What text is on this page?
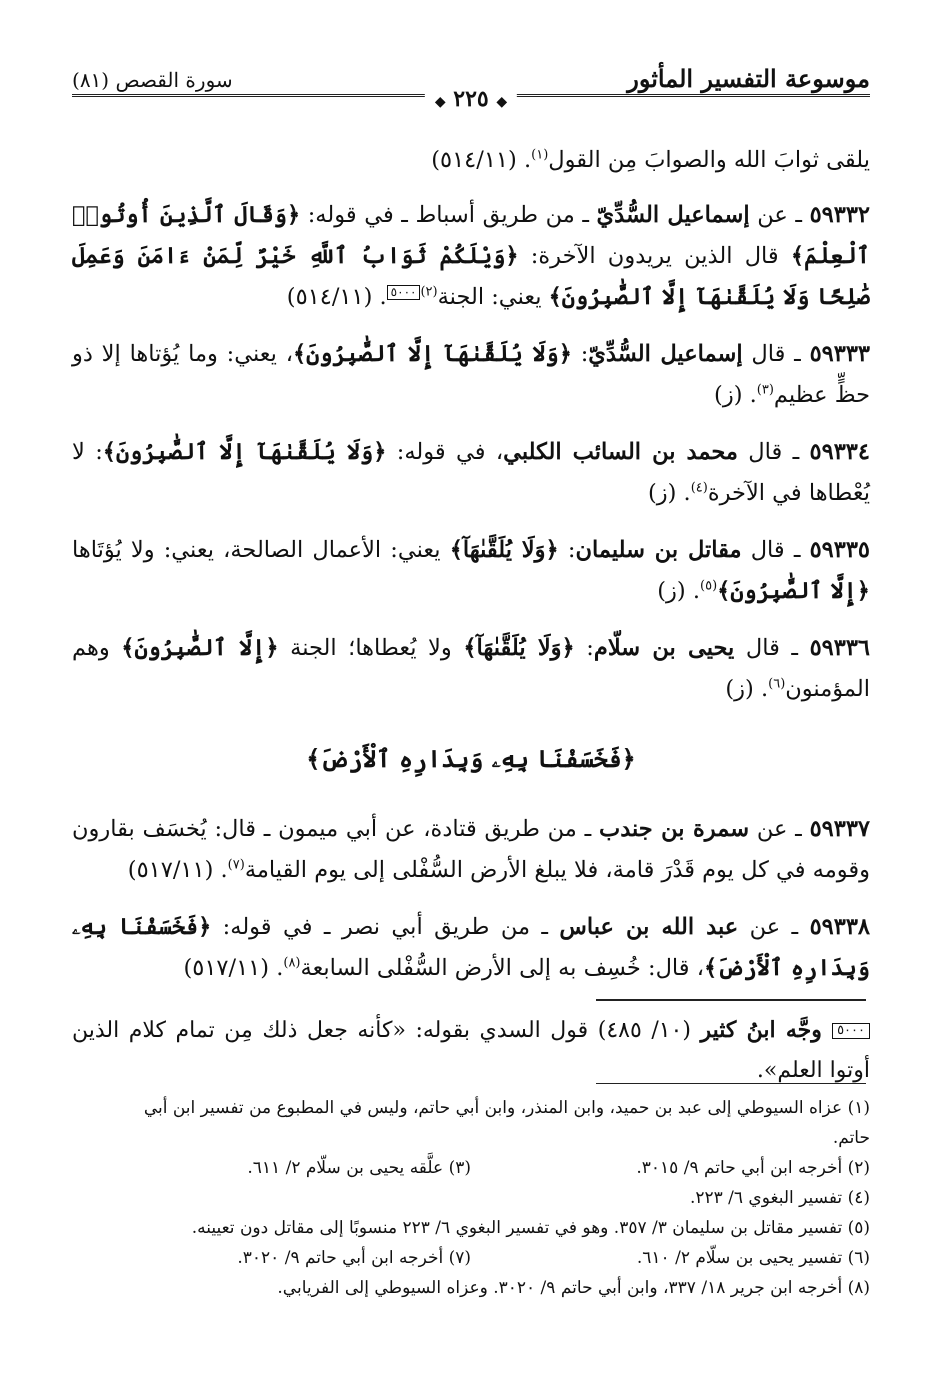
موسوعة التفسير المأثور
سورة القصص (٨١)
◆ ٢٢٥ ◆

يلقى ثوابَ الله والصوابَ مِن القول$^{(١)}$. (٥١٤/١١)

٥٩٣٣٢ ـ عن إسماعيل السُّدِّيّ ـ من طريق أسباط ـ في قوله: ﴿وَقَالَ ٱلَّذِينَ أُوتُوا۟ ٱلْعِلْمَ﴾ قال الذين يريدون الآخرة: ﴿وَيْلَكُمْ ثَوَابُ ٱللَّهِ خَيْرٌ لِّمَنْ ءَامَنَ وَعَمِلَ صَٰلِحًا وَلَا يُلَقَّىٰهَآ إِلَّا ٱلصَّٰبِرُونَ﴾ يعني: الجنة$^{(٢)}$٥٠٠٠. (٥١٤/١١)

٥٩٣٣٣ ـ قال إسماعيل السُّدِّيّ: ﴿وَلَا يُلَقَّىٰهَآ إِلَّا ٱلصَّٰبِرُونَ﴾، يعني: وما يُؤتاها إلا ذو حظٍّ عظيم$^{(٣)}$. (ز)

٥٩٣٣٤ ـ قال محمد بن السائب الكلبي، في قوله: ﴿وَلَا يُلَقَّىٰهَآ إِلَّا ٱلصَّٰبِرُونَ﴾: لا يُعْطاها في الآخرة$^{(٤)}$. (ز)

٥٩٣٣٥ ـ قال مقاتل بن سليمان: ﴿وَلَا يُلَقَّىٰهَآ﴾ يعني: الأعمال الصالحة، يعني: ولا يُؤتَاها ﴿إِلَّا ٱلصَّٰبِرُونَ﴾$^{(٥)}$. (ز)

٥٩٣٣٦ ـ قال يحيى بن سلّام: ﴿وَلَا يُلَقَّىٰهَآ﴾ ولا يُعطاها؛ الجنة ﴿إِلَّا ٱلصَّٰبِرُونَ﴾ وهم المؤمنون$^{(٦)}$. (ز)

﴿فَخَسَفْنَا بِهِۦ وَبِدَارِهِ ٱلْأَرْضَ﴾

٥٩٣٣٧ ـ عن سمرة بن جندب ـ من طريق قتادة، عن أبي ميمون ـ قال: يُخسَف بقارون وقومه في كل يوم قَدْرَ قامة، فلا يبلغ الأرض السُّفْلى إلى يوم القيامة$^{(٧)}$. (٥١٧/١١)

٥٩٣٣٨ ـ عن عبد الله بن عباس ـ من طريق أبي نصر ـ في قوله: ﴿فَخَسَفْنَا بِهِۦ وَبِدَارِهِ ٱلْأَرْضَ﴾، قال: خُسِف به إلى الأرض السُّفْلى السابعة$^{(٨)}$. (٥١٧/١١)

٥٠٠٠ وجَّه ابنُ كثير (١٠/ ٤٨٥) قول السدي بقوله: «كأنه جعل ذلك مِن تمام كلام الذين أوتوا العلم».
(١) عزاه السيوطي إلى عبد بن حميد، وابن المنذر، وابن أبي حاتم، وليس في المطبوع من تفسير ابن أبي
حاتم.
(٢) أخرجه ابن أبي حاتم ٩/ ٣٠١٥.
(٣) علَّقه يحيى بن سلّام ٢/ ٦١١.
(٤) تفسير البغوي ٦/ ٢٢٣.
(٥) تفسير مقاتل بن سليمان ٣/ ٣٥٧. وهو في تفسير البغوي ٦/ ٢٢٣ منسوبًا إلى مقاتل دون تعيينه.
(٦) تفسير يحيى بن سلّام ٢/ ٦١٠.
(٧) أخرجه ابن أبي حاتم ٩/ ٣٠٢٠.
(٨) أخرجه ابن جرير ١٨/ ٣٣٧، وابن أبي حاتم ٩/ ٣٠٢٠. وعزاه السيوطي إلى الفريابي.
